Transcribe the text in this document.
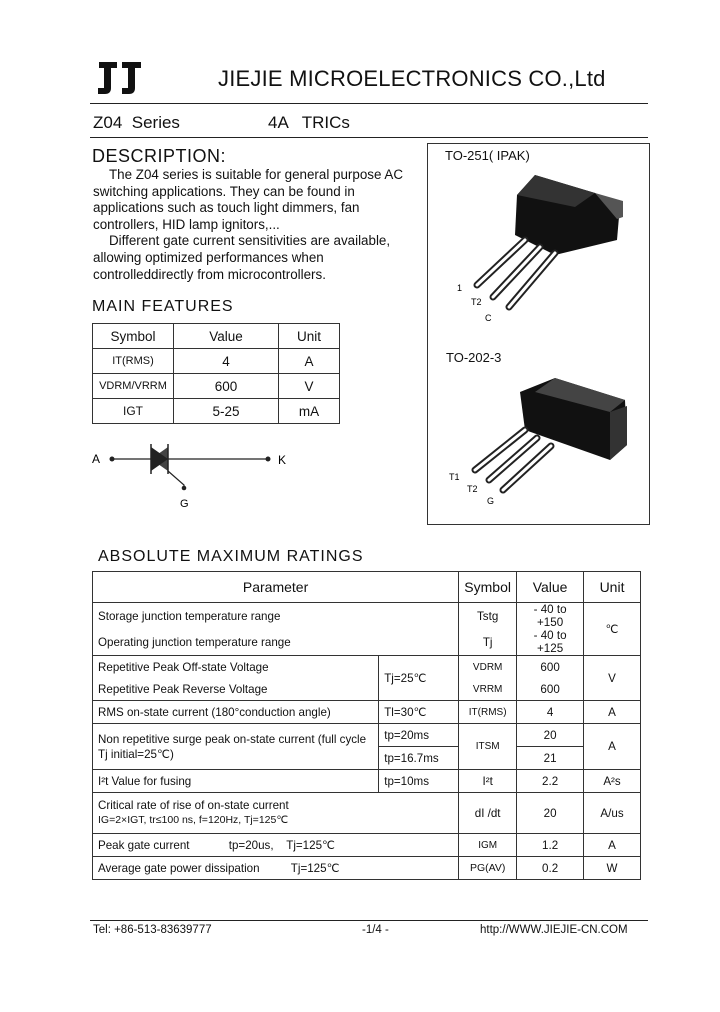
JIEJIE MICROELECTRONICS CO.,Ltd
Z04  Series	4A   TRICs
DESCRIPTION:

The Z04 series is suitable for general purpose AC switching applications. They can be found in applications such as touch light dimmers, fan controllers, HID lamp ignitors,...

Different gate current sensitivities are available, allowing optimized performances when controlleddirectly from microcontrollers.

MAIN FEATURES
Symbol	Value	Unit
IT(RMS)	4	A
VDRM/VRRM	600	V
IGT	5-25	mA
A	K
G
TO-251( IPAK)
1
T2
C
TO-202-3
T1
T2
G
ABSOLUTE MAXIMUM RATINGS
Parameter		Symbol	Value	Unit
Storage junction temperature range		Tstg	- 40 to +150	℃
Operating junction temperature range		Tj	- 40 to +125	
Repetitive Peak Off-state Voltage	Tj=25℃	VDRM	600	V
Repetitive Peak Reverse Voltage		VRRM	600	
RMS on-state current (180°conduction angle)	Tl=30℃	IT(RMS)	4	A
Non repetitive surge peak on-state current (full cycle Tj initial=25℃)	tp=20ms	ITSM	20	A
	tp=16.7ms		21	
I²t Value for fusing	tp=10ms	I²t	2.2	A²s

Critical rate of rise of on-state current
IG=2×IGT, tr≤100 ns, f=120Hz, Tj=125℃		dI /dt	20	A/us
Peak gate current tp=20us,    Tj=125℃		IGM	1.2	A
Average gate power dissipation Tj=125℃		PG(AV)	0.2	W
Tel: +86-513-83639777	-1/4 -	http://WWW.JIEJIE-CN.COM
